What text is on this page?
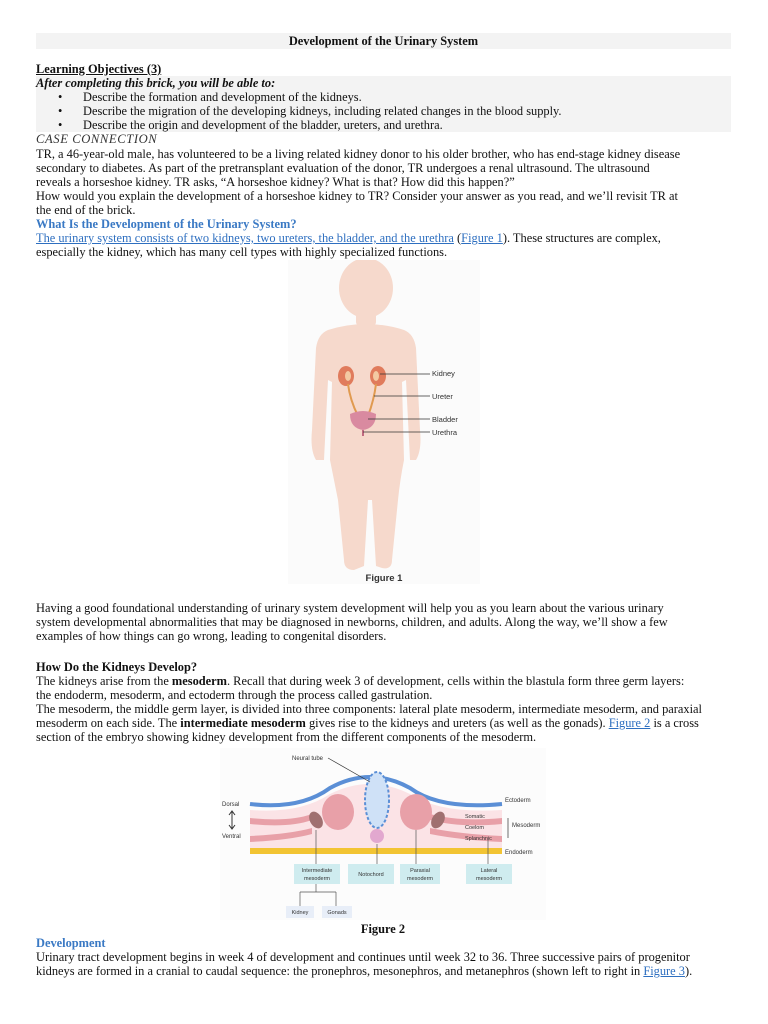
Development of the Urinary System
Learning Objectives (3)
After completing this brick, you will be able to:
• Describe the formation and development of the kidneys.
• Describe the migration of the developing kidneys, including related changes in the blood supply.
• Describe the origin and development of the bladder, ureters, and urethra.
CASE CONNECTION
TR, a 46-year-old male, has volunteered to be a living related kidney donor to his older brother, who has end-stage kidney disease
secondary to diabetes. As part of the pretransplant evaluation of the donor, TR undergoes a renal ultrasound. The ultrasound
reveals a horseshoe kidney. TR asks, “A horseshoe kidney? What is that? How did this happen?”
How would you explain the development of a horseshoe kidney to TR? Consider your answer as you read, and we’ll revisit TR at
the end of the brick.
What Is the Development of the Urinary System?
The urinary system consists of two kidneys, two ureters, the bladder, and the urethra (Figure 1). These structures are complex,
especially the kidney, which has many cell types with highly specialized functions.
Kidney
Ureter
Bladder
Urethra
Figure 1
Having a good foundational understanding of urinary system development will help you as you learn about the various urinary
system developmental abnormalities that may be diagnosed in newborns, children, and adults. Along the way, we’ll show a few
examples of how things can go wrong, leading to congenital disorders.
How Do the Kidneys Develop?
The kidneys arise from the mesoderm. Recall that during week 3 of development, cells within the blastula form three germ layers:
the endoderm, mesoderm, and ectoderm through the process called gastrulation.
The mesoderm, the middle germ layer, is divided into three components: lateral plate mesoderm, intermediate mesoderm, and paraxial
mesoderm on each side. The intermediate mesoderm gives rise to the kidneys and ureters (as well as the gonads). Figure 2 is a cross
section of the embryo showing kidney development from the different components of the mesoderm.
Neural tube
Dorsal
Ventral
Ectoderm
Somatic
Coelom
Splanchnic
Mesoderm
Endoderm
Intermediate
mesoderm
Notochord
Paraxial
mesoderm
Lateral
mesoderm
Kidney	Gonads
Figure 2
Development
Urinary tract development begins in week 4 of development and continues until week 32 to 36. Three successive pairs of progenitor
kidneys are formed in a cranial to caudal sequence: the pronephros, mesonephros, and metanephros (shown left to right in Figure 3).
